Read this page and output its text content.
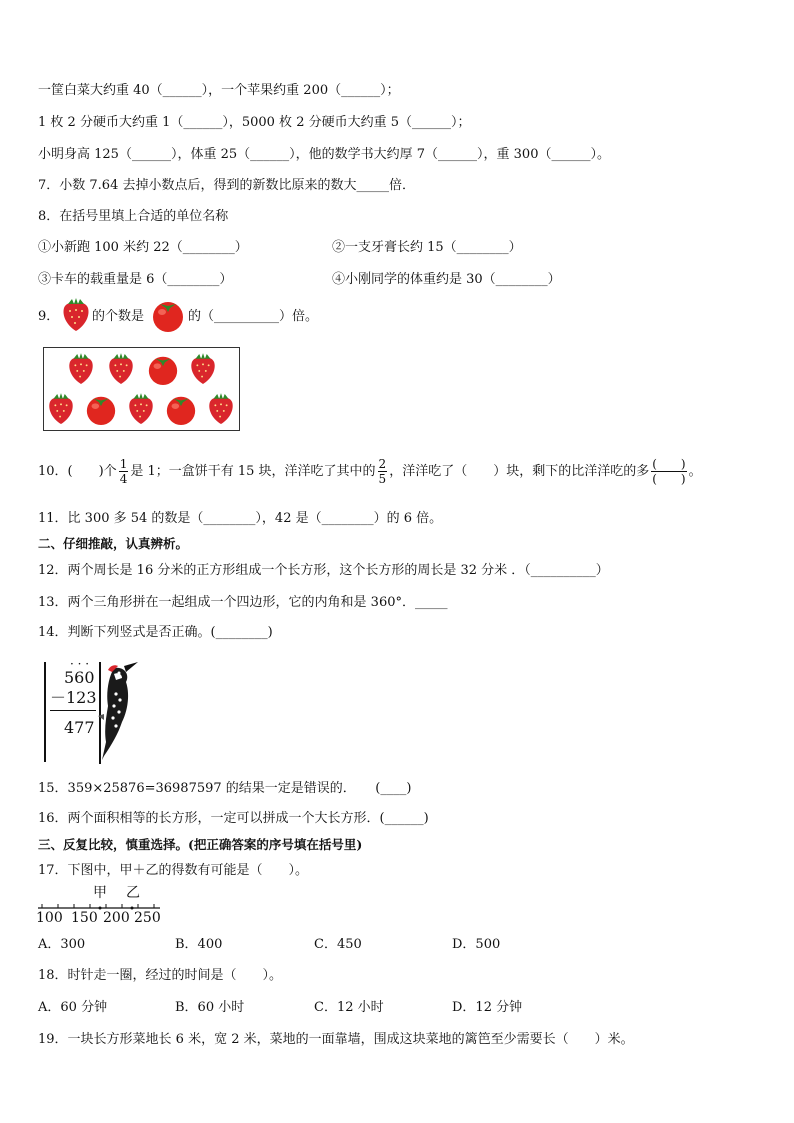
一筐白菜大约重 40（______），一个苹果约重 200（______）；
1 枚 2 分硬币大约重 1（______），5000 枚 2 分硬币大约重 5（______）；
小明身高 125（______），体重 25（______），他的数学书大约厚 7（______），重 300（______）。
7．小数 7.64 去掉小数点后，得到的新数比原来的数大_____倍．
8．在括号里填上合适的单位名称
①小新跑 100 米约 22（________）	②一支牙膏长约 15（________）
③卡车的载重量是 6（________）	④小刚同学的体重约是 30（________）
9．	的个数是	的（__________）倍。
10．(　　)个 $\frac{1}{4}$ 是 1；一盒饼干有 15 块，洋洋吃了其中的 $\frac{2}{5}$ ，洋洋吃了（　　）块，剩下的比洋洋吃的多 $\frac{( )}{( )}$ 。
11．比 300 多 54 的数是（________），42 是（________）的 6 倍。
二、仔细推敲，认真辨析。
12．两个周长是 16 分米的正方形组成一个长方形，这个长方形的周长是 32 分米 ．（__________）
13．两个三角形拼在一起组成一个四边形，它的内角和是 360°．_____
14．判断下列竖式是否正确。(________)
· · ·
560
－123
477
15．359×25876=36987597 的结果一定是错误的．　　(____)
16．两个面积相等的长方形，一定可以拼成一个大长方形．(______)
三、反复比较，慎重选择。(把正确答案的序号填在括号里)
17．下图中，甲＋乙的得数有可能是（　　）。
甲 乙
100 150 200 250
A．300	B．400	C．450	D．500
18．时针走一圈，经过的时间是（　　）。
A．60 分钟	B．60 小时	C．12 小时	D．12 分钟
19．一块长方形菜地长 6 米，宽 2 米，菜地的一面靠墙，围成这块菜地的篱笆至少需要长（　　）米。
